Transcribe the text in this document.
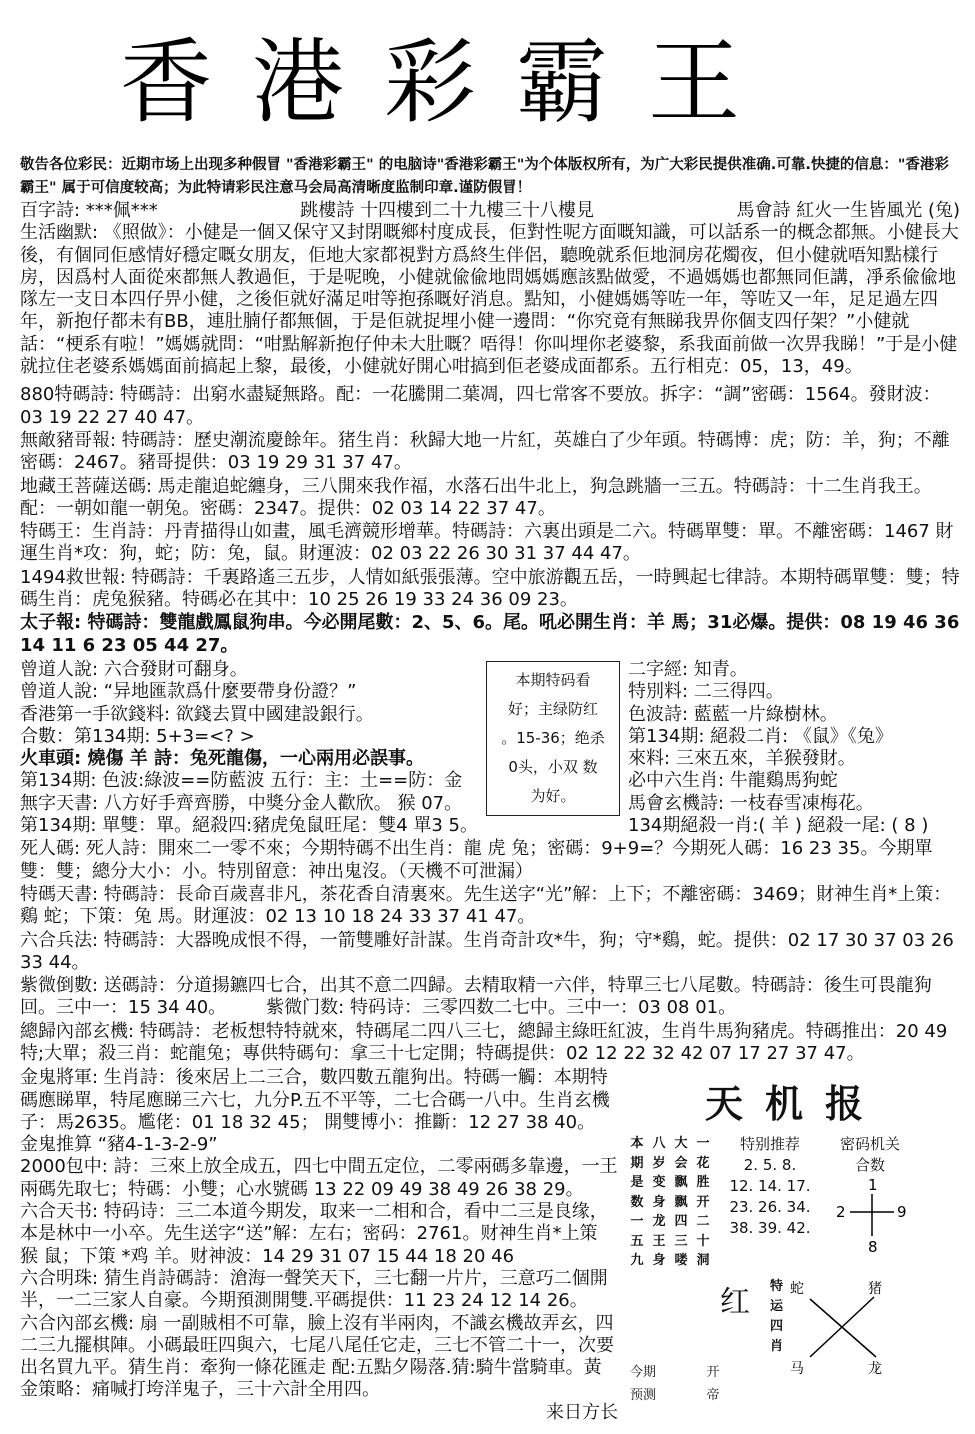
香港彩霸王
敬告各位彩民：近期市场上出现多种假冒 "香港彩霸王" 的电脑诗"香港彩霸王"为个体版权所有，为广大彩民提供准确.可靠.快捷的信息："香港彩霸王" 属于可信度较高；为此特请彩民注意马会局高清晰度监制印章.谨防假冒！
百字詩: ***佩***	跳樓詩 十四樓到二十九樓三十八樓見	馬會詩 紅火一生皆風光 (兔)

生活幽默: 《照做》：小健是一個又保守又封閉嘅鄉村度成長，佢對性呢方面嘅知識，可以話系一的概念都無。小健長大後，有個同佢感情好穩定嘅女朋友，佢地大家都視對方爲終生伴侶，聽晚就系佢地洞房花燭夜，但小健就唔知點樣行房，因爲村人面從來都無人教過佢，于是呢晚，小健就偸偸地問媽媽應該點做愛，不過媽媽也都無同佢講，凈系偸偸地隊左一支日本四仔畀小健，之後佢就好滿足咁等抱孫嘅好消息。點知，小健媽媽等咗一年，等咗又一年，足足過左四年，新抱仔都未有BB，連肚腩仔都無個，于是佢就捉埋小健一邊問：“你究竟有無睇我畀你個支四仔架？”小健就話：“梗系有啦！”媽媽就問：“咁點解新抱仔仲未大肚嘅？唔得！你叫埋你老婆黎，系我面前做一次畀我睇！”于是小健就拉住老婆系媽媽面前搞起上黎，最後，小健就好開心咁搞到佢老婆成面都系。五行相克：05，13，49。

880特碼詩: 特碼詩：出窮水盡疑無路。配：一花騰開二葉凋，四七常客不要放。拆字：“調”密碼：1564。發財波：03 19 22 27 40 47。

無敵豬哥報: 特碼詩：歷史潮流慶餘年。猪生肖：秋歸大地一片紅，英雄白了少年頭。特碼博：虎；防：羊，狗；不離密碼：2467。豬哥提供：03 19 29 31 37 47。

地藏王菩薩送碼: 馬走龍追蛇纏身，三八開來我作福，水落石出牛北上，狗急跳牆一三五。特碼詩：十二生肖我王。配：一朝如龍一朝兔。密碼：2347。提供：02 03 14 22 37 47。

特碼王：生肖詩：丹青描得山如畫，風毛濟競形增華。特碼詩：六裏出頭是二六。特碼單雙：單。不離密碼：1467 財運生肖*攻：狗，蛇；防：兔，鼠。財運波：02 03 22 26 30 31 37 44 47。

1494救世報: 特碼詩：千裏路遙三五步，人情如紙張張薄。空中旅游觀五岳，一時興起七律詩。本期特碼單雙：雙；特碼生肖：虎兔猴豬。特碼必在其中：10 25 26 19 33 24 36 09 23。

太子報: 特碼詩：雙龍戲鳳鼠狗串。今必開尾數：2、5、6。尾。吼必開生肖：羊 馬；31必爆。提供：08 19 46 36 14 11 6 23 05 44 27。

曾道人說: 六合發財可翻身。
曾道人說: “异地匯款爲什麼要帶身份證？”
香港第一手欲錢料: 欲錢去買中國建設銀行。
合數：第134期: 5+3=<? >
火車頭: 燒傷 羊 詩：兔死龍傷，一心兩用必誤事。
第134期: 色波:綠波==防藍波 五行：主：土==防：金
無字天書: 八方好手齊齊勝，中獎分金人歡欣。 猴 07。
第134期: 單雙：單。絕殺四:豬虎兔鼠旺尾：雙4 單3 5。
本期特码看
好；主绿防红
。15-36；绝杀
0头，小双 数
为好。
二字經: 知青。
特別料: 二三得四。
色波詩: 藍藍一片綠樹林。
第134期: 絕殺二肖: 《鼠》《兔》
來料: 三來五來，羊猴發財。
必中六生肖: 牛龍鷄馬狗蛇
馬會玄機詩: 一枝春雪凍梅花。
134期絕殺一肖:( 羊 ) 絕殺一尾: ( 8 )

死人碼: 死人詩：開來二一零不來；今期特碼不出生肖：龍 虎 兔；密碼：9+9=？今期死人碼：16 23 35。今期單雙：雙；總分大小：小。特別留意：神出鬼沒。（天機不可泄漏）

特碼天書: 特碼詩：長命百歲喜非凡，茶花香自清裏來。先生送字“光”解：上下；不離密碼：3469；財神生肖*上策：鷄 蛇；下策：兔 馬。財運波：02 13 10 18 24 33 37 41 47。

六合兵法: 特碼詩：大器晚成恨不得，一箭雙雕好計謀。生肖奇計攻*牛，狗；守*鷄，蛇。提供：02 17 30 37 03 26 33 44。

紫微倒數: 送碼詩：分道揚鑣四七合，出其不意二四歸。去精取精一六伴，特單三七八尾數。特碼詩：後生可畏龍狗回。三中一：15 34 40。 紫微门数: 特码诗：三零四数二七中。三中一：03 08 01。

總歸內部玄機: 特碼詩：老板想特特就來，特碼尾二四八三七，總歸主綠旺紅波，生肖牛馬狗豬虎。特碼推出：20 49特;大單；殺三肖：蛇龍兔；專供特碼句：拿三十七定開；特碼提供：02 12 22 32 42 07 17 27 37 47。

金鬼將軍: 生肖詩：後來居上二三合，數四數五龍狗出。特碼一觸：本期特碼應睇單，特尾應睇三六七，九分P.五不平等，二七合碼一八中。生肖玄機子：馬2635。尷佬：01 18 32 45； 開雙博小：推斷：12 27 38 40。

金鬼推算 “豬4-1-3-2-9”

2000包中: 詩：三來上放全成五，四七中間五定位，二零兩碼多靠邊，一王兩碼先取七；特碼：小雙；心水號碼 13 22 09 49 38 49 26 38 29。

六合天书: 特码诗：三二本道今期发，取来一二相和合，看中二三是良缘，本是林中一小卒。先生送字“送”解：左右；密码：2761。财神生肖*上策 猴 鼠；下策 *鸡 羊。财神波：14 29 31 07 15 44 18 20 46

六合明珠: 猜生肖詩碼詩：滄海一聲笑天下，三七翻一片片，三意巧二個開半，一二三家人自豪。今期預測開雙.平碼提供：11 23 24 12 14 26。

六合內部玄機: 扇 一副賊相不可靠，臉上沒有半兩肉，不識玄機故弄玄，四二三九擺棋陣。小碼最旺四與六，七尾八尾任它走，三七不管二十一，次要出名買九平。猜生肖：牽狗一條花匯走 配:五點夕陽落.猜:騎牛當騎車。黃金策略：痛喊打垮洋鬼子，三十六計全用四。

来日方长
天机报
本期是数一五九
八岁变身龙王身
大会飘飘四三喽
一花胜开二十洞
特别推荐
2. 5. 8.
12. 14. 17.
23. 26. 34.
38. 39. 42.
密码机关
合数
1
2	9
8
红
今期	开
预测	帝
特运四肖
蛇	猪
马	龙
